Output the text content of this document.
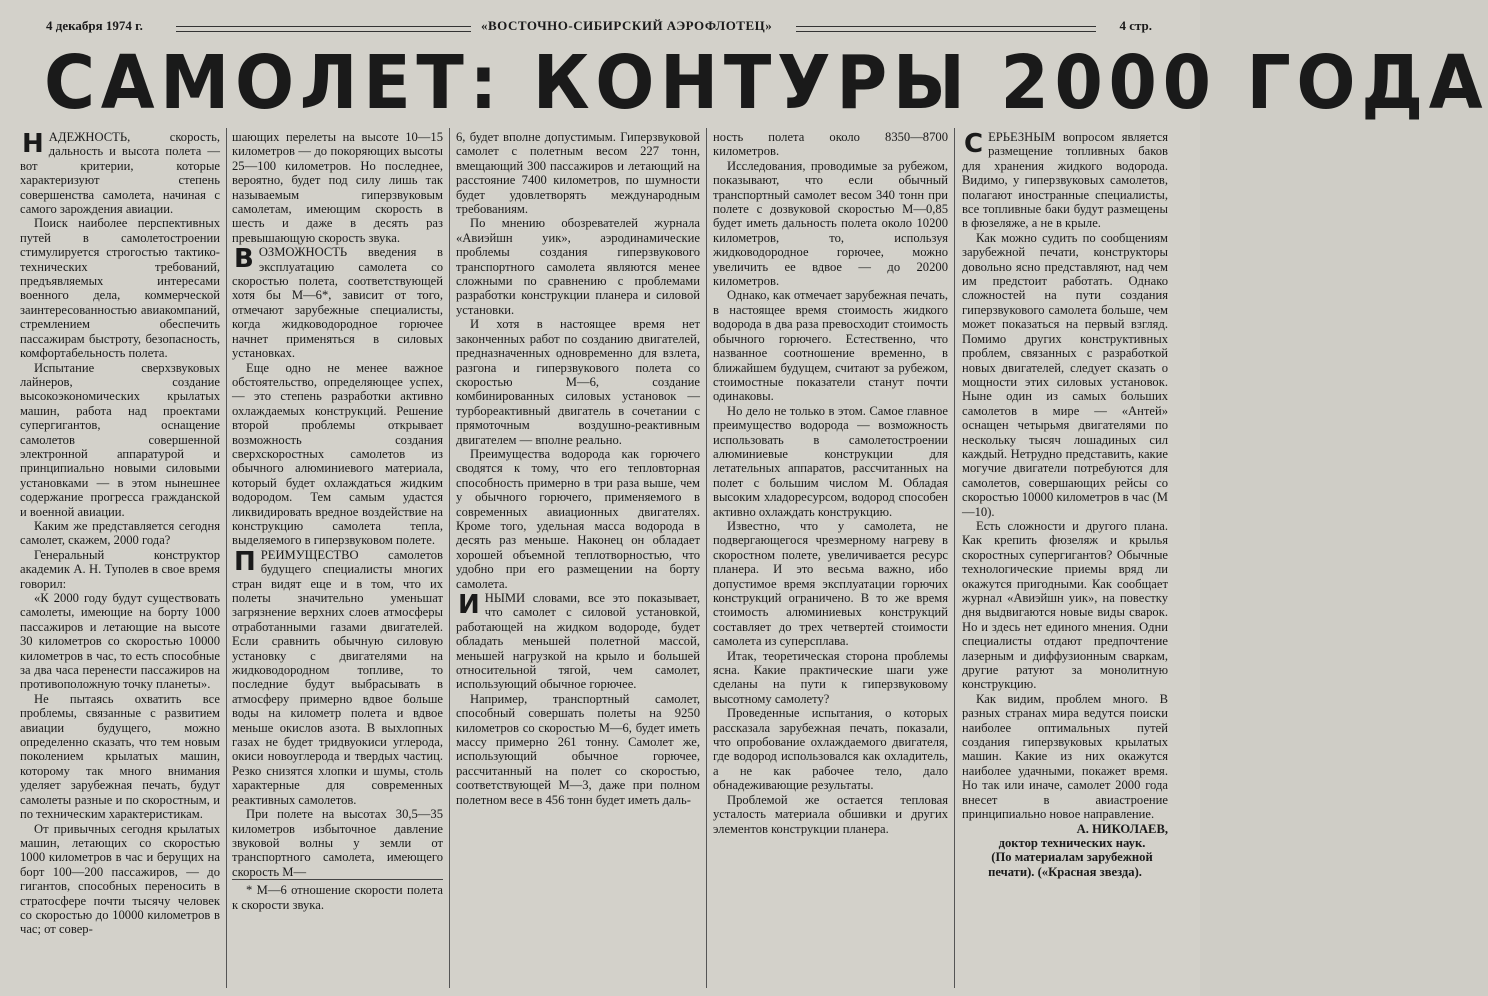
4 декабря 1974 г.	«ВОСТОЧНО-СИБИРСКИЙ АЭРОФЛОТЕЦ»	4 стр.
САМОЛЕТ: КОНТУРЫ 2000 ГОДА

НАДЕЖНОСТЬ, скорость, дальность и высота полета — вот критерии, которые характеризуют степень совершенства самолета, начиная с самого зарождения авиации.

Поиск наиболее перспективных путей в самолетостроении стимулируется строгостью тактико-технических требований, предъявляемых интересами военного дела, коммерческой заинтересованностью авиакомпаний, стремлением обеспечить пассажирам быстроту, безопасность, комфортабельность полета.

Испытание сверхзвуковых лайнеров, создание высокоэкономических крылатых машин, работа над проектами супергигантов, оснащение самолетов совершенной электронной аппаратурой и принципиально новыми силовыми установками — в этом нынешнее содержание прогресса гражданской и военной авиации.

Каким же представляется сегодня самолет, скажем, 2000 года?

Генеральный конструктор академик А. Н. Туполев в свое время говорил:

«К 2000 году будут существовать самолеты, имеющие на борту 1000 пассажиров и летающие на высоте 30 километров со скоростью 10000 километров в час, то есть способные за два часа перенести пассажиров на противоположную точку планеты».

Не пытаясь охватить все проблемы, связанные с развитием авиации будущего, можно определенно сказать, что тем новым поколением крылатых машин, которому так много внимания уделяет зарубежная печать, будут самолеты разные и по скоростным, и по техническим характеристикам.

От привычных сегодня крылатых машин, летающих со скоростью 1000 километров в час и берущих на борт 100—200 пассажиров, — до гигантов, способных переносить в стратосфере почти тысячу человек со скоростью до 10000 километров в час; от совер-

шающих перелеты на высоте 10—15 километров — до покоряющих высоты 25—100 километров. Но последнее, вероятно, будет под силу лишь так называемым гиперзвуковым самолетам, имеющим скорость в шесть и даже в десять раз превышающую скорость звука.

ВОЗМОЖНОСТЬ введения в эксплуатацию самолета со скоростью полета, соответствующей хотя бы М—6*, зависит от того, отмечают зарубежные специалисты, когда жидководородное горючее начнет применяться в силовых установках.

Еще одно не менее важное обстоятельство, определяющее успех, — это степень разработки активно охлаждаемых конструкций. Решение второй проблемы открывает возможность создания сверхскоростных самолетов из обычного алюминиевого материала, который будет охлаждаться жидким водородом. Тем самым удастся ликвидировать вредное воздействие на конструкцию самолета тепла, выделяемого в гиперзвуковом полете.

ПРЕИМУЩЕСТВО самолетов будущего специалисты многих стран видят еще и в том, что их полеты значительно уменьшат загрязнение верхних слоев атмосферы отработанными газами двигателей. Если сравнить обычную силовую установку с двигателями на жидководородном топливе, то последние будут выбрасывать в атмосферу примерно вдвое больше воды на километр полета и вдвое меньше окислов азота. В выхлопных газах не будет тридвуокиси углерода, окиси новоуглерода и твердых частиц. Резко снизятся хлопки и шумы, столь характерные для современных реактивных самолетов.

При полете на высотах 30,5—35 километров избыточное давление звуковой волны у земли от транспортного самолета, имеющего скорость М—

* М—6 отношение скорости полета к скорости звука.

6, будет вполне допустимым. Гиперзвуковой самолет с полетным весом 227 тонн, вмещающий 300 пассажиров и летающий на расстояние 7400 километров, по шумности будет удовлетворять международным требованиям.

По мнению обозревателей журнала «Авиэйшн уик», аэродинамические проблемы создания гиперзвукового транспортного самолета являются менее сложными по сравнению с проблемами разработки конструкции планера и силовой установки.

И хотя в настоящее время нет законченных работ по созданию двигателей, предназначенных одновременно для взлета, разгона и гиперзвукового полета со скоростью М—6, создание комбинированных силовых установок — турбореактивный двигатель в сочетании с прямоточным воздушно-реактивным двигателем — вполне реально.

Преимущества водорода как горючего сводятся к тому, что его тепловторная способность примерно в три раза выше, чем у обычного горючего, применяемого в современных авиационных двигателях. Кроме того, удельная масса водорода в десять раз меньше. Наконец он обладает хорошей объемной теплотворностью, что удобно при его размещении на борту самолета.

ИНЫМИ словами, все это показывает, что самолет с силовой установкой, работающей на жидком водороде, будет обладать меньшей полетной массой, меньшей нагрузкой на крыло и большей относительной тягой, чем самолет, использующий обычное горючее.

Например, транспортный самолет, способный совершать полеты на 9250 километров со скоростью М—6, будет иметь массу примерно 261 тонну. Самолет же, использующий обычное горючее, рассчитанный на полет со скоростью, соответствующей М—3, даже при полном полетном весе в 456 тонн будет иметь даль-

ность полета около 8350—8700 километров.

Исследования, проводимые за рубежом, показывают, что если обычный транспортный самолет весом 340 тонн при полете с дозвуковой скоростью М—0,85 будет иметь дальность полета около 10200 километров, то, используя жидководородное горючее, можно увеличить ее вдвое — до 20200 километров.

Однако, как отмечает зарубежная печать, в настоящее время стоимость жидкого водорода в два раза превосходит стоимость обычного горючего. Естественно, что названное соотношение временно, в ближайшем будущем, считают за рубежом, стоимостные показатели станут почти одинаковы.

Но дело не только в этом. Самое главное преимущество водорода — возможность использовать в самолетостроении алюминиевые конструкции для летательных аппаратов, рассчитанных на полет с большим числом М. Обладая высоким хладоресурсом, водород способен активно охлаждать конструкцию.

Известно, что у самолета, не подвергающегося чрезмерному нагреву в скоростном полете, увеличивается ресурс планера. И это весьма важно, ибо допустимое время эксплуатации горючих конструкций ограничено. В то же время стоимость алюминиевых конструкций составляет до трех четвертей стоимости самолета из суперсплава.

Итак, теоретическая сторона проблемы ясна. Какие практические шаги уже сделаны на пути к гиперзвуковому высотному самолету?

Проведенные испытания, о которых рассказала зарубежная печать, показали, что опробование охлаждаемого двигателя, где водород использовался как охладитель, а не как рабочее тело, дало обнадеживающие результаты.

Проблемой же остается тепловая усталость материала обшивки и других элементов конструкции планера.

СЕРЬЕЗНЫМ вопросом является размещение топливных баков для хранения жидкого водорода. Видимо, у гиперзвуковых самолетов, полагают иностранные специалисты, все топливные баки будут размещены в фюзеляже, а не в крыле.

Как можно судить по сообщениям зарубежной печати, конструкторы довольно ясно представляют, над чем им предстоит работать. Однако сложностей на пути создания гиперзвукового самолета больше, чем может показаться на первый взгляд. Помимо других конструктивных проблем, связанных с разработкой новых двигателей, следует сказать о мощности этих силовых установок. Ныне один из самых больших самолетов в мире — «Антей» оснащен четырьмя двигателями по нескольку тысяч лошадиных сил каждый. Нетрудно представить, какие могучие двигатели потребуются для самолетов, совершающих рейсы со скоростью 10000 километров в час (М—10).

Есть сложности и другого плана. Как крепить фюзеляж и крылья скоростных супергигантов? Обычные технологические приемы вряд ли окажутся пригодными. Как сообщает журнал «Авиэйшн уик», на повестку дня выдвигаются новые виды сварок. Но и здесь нет единого мнения. Одни специалисты отдают предпочтение лазерным и диффузионным сваркам, другие ратуют за монолитную конструкцию.

Как видим, проблем много. В разных странах мира ведутся поиски наиболее оптимальных путей создания гиперзвуковых крылатых машин. Какие из них окажутся наиболее удачными, покажет время. Но так или иначе, самолет 2000 года внесет в авиастроение принципиально новое направление.

А. НИКОЛАЕВ,

доктор технических наук.

(По материалам зарубежной печати). («Красная звезда).
